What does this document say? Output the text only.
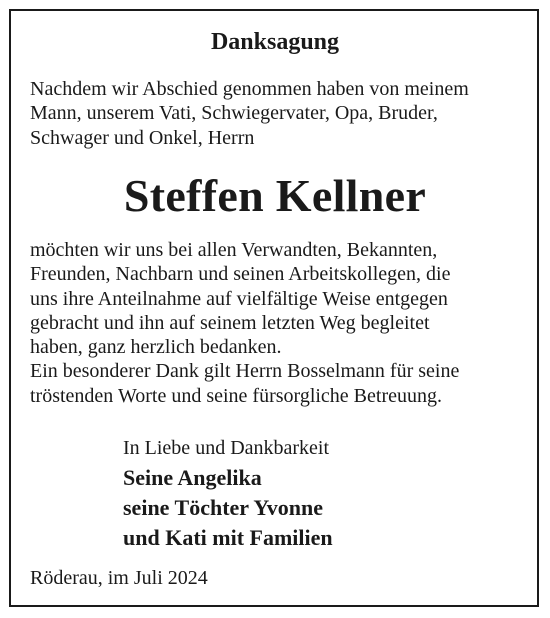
Danksagung
Nachdem wir Abschied genommen haben von meinem
Mann, unserem Vati, Schwiegervater, Opa, Bruder,
Schwager und Onkel, Herrn
Steffen Kellner
möchten wir uns bei allen Verwandten, Bekannten,
Freunden, Nachbarn und seinen Arbeitskollegen, die
uns ihre Anteilnahme auf vielfältige Weise entgegen
gebracht und ihn auf seinem letzten Weg begleitet
haben, ganz herzlich bedanken.
Ein besonderer Dank gilt Herrn Bosselmann für seine
tröstenden Worte und seine fürsorgliche Betreuung.
In Liebe und Dankbarkeit
Seine Angelika
seine Töchter Yvonne
und Kati mit Familien
Röderau, im Juli 2024
